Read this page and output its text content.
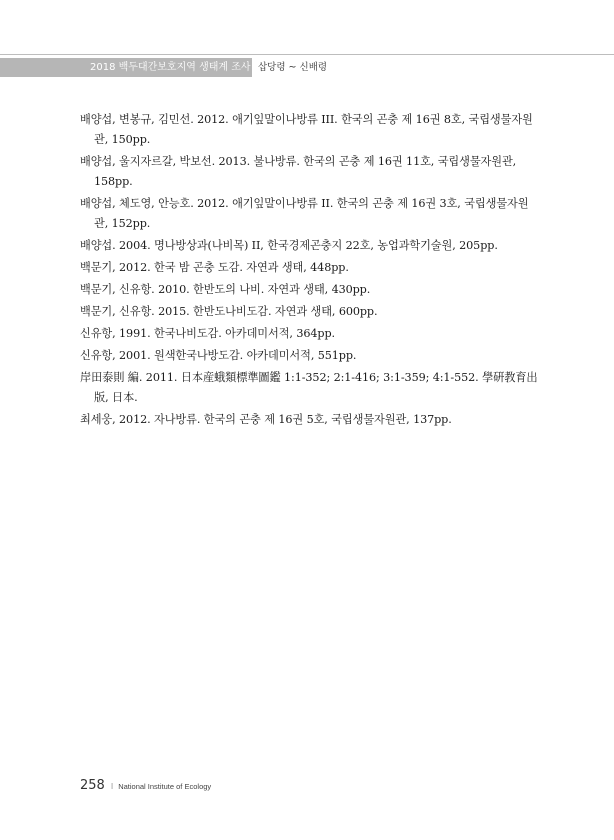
2018 백두대간보호지역 생태계 조사 삽당령 ~ 신배령
배양섭, 변봉규, 김민선. 2012. 애기잎말이나방류 III. 한국의 곤충 제 16권 8호, 국립생물자원관, 150pp.
배양섭, 울지자르갈, 박보선. 2013. 불나방류. 한국의 곤충 제 16권 11호, 국립생물자원관, 158pp.
배양섭, 체도영, 안능호. 2012. 애기잎말이나방류 II. 한국의 곤충 제 16권 3호, 국립생물자원관, 152pp.
배양섭. 2004. 명나방상과(나비목) II, 한국경제곤충지 22호, 농업과학기술원, 205pp.
백문기, 2012. 한국 밤 곤충 도감. 자연과 생태, 448pp.
백문기, 신유항. 2010. 한반도의 나비. 자연과 생태, 430pp.
백문기, 신유항. 2015. 한반도나비도감. 자연과 생태, 600pp.
신유항, 1991. 한국나비도감. 아카데미서적, 364pp.
신유항, 2001. 원색한국나방도감. 아카데미서적, 551pp.
岸田泰則 編. 2011. 日本産蛾類標準圖鑑 1:1-352; 2:1-416; 3:1-359; 4:1-552. 學硏教育出版, 日本.
최세웅, 2012. 자나방류. 한국의 곤충 제 16권 5호, 국립생물자원관, 137pp.
258 I National Institute of Ecology
